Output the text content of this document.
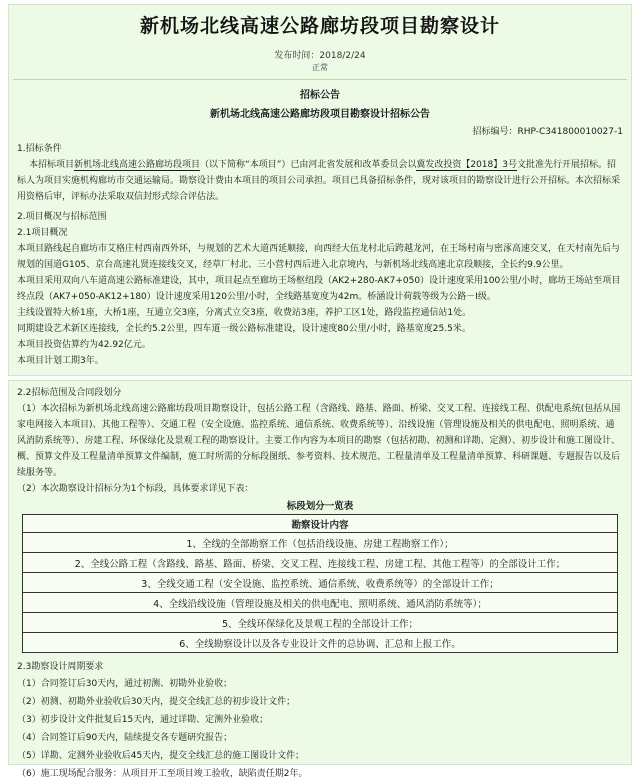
新机场北线高速公路廊坊段项目勘察设计
发布时间：2018/2/24
正常
招标公告
新机场北线高速公路廊坊段项目勘察设计招标公告
招标编号：RHP-C341800010027-1
1.招标条件
本招标项目新机场北线高速公路廊坊段项目（以下简称“本项目”）已由河北省发展和改革委员会以冀发改投资【2018】3号文批准先行开展招标。招标人为项目实施机构廊坊市交通运输局。勘察设计费由本项目的项目公司承担。项目已具备招标条件，现对该项目的勘察设计进行公开招标。本次招标采用资格后审，评标办法采取双信封形式综合评估法。
2.项目概况与招标范围
2.1项目概况
本项目路线起自廊坊市艾格庄村西南西外环，与规划的艺术大道西延顺接，向西经大伍龙村北后跨越龙河，在王场村南与密涿高速交叉，在天村南先后与规划的国道G105、京台高速礼贤连接线交叉，经草厂村北、三小营村西后进入北京境内，与新机场北线高速北京段顺接，全长约9.9公里。
本项目采用双向八车道高速公路标准建设，其中，项目起点至廊坊王场枢纽段（AK2+280-AK7+050）设计速度采用100公里/小时，廊坊王场站至项目终点段（AK7+050-AK12+180）设计速度采用120公里/小时，全线路基宽度为42m。桥涵设计荷载等级为公路－Ⅰ级。
主线设置特大桥1座，大桥1座，互通立交3座，分离式立交3座，收费站3座，养护工区1处，路段监控通信站1处。
同期建设艺术新区连接线，全长约5.2公里，四车道一级公路标准建设，设计速度80公里/小时，路基宽度25.5米。
本项目投资估算约为42.92亿元。
本项目计划工期3年。
2.2招标范围及合同段划分
（1）本次招标为新机场北线高速公路廊坊段项目勘察设计，包括公路工程（含路线、路基、路面、桥梁、交叉工程、连接线工程、供配电系统(包括从国家电网接入本项目)、其他工程等）、交通工程（安全设施、监控系统、通信系统、收费系统等）、沿线设施（管理设施及相关的供电配电、照明系统、通风消防系统等）、房建工程、环保绿化及景观工程的勘察设计。主要工作内容为本项目的勘察（包括初勘、初测和详勘、定测）、初步设计和施工图设计、概、预算文件及工程量清单预算文件编制，施工时所需的分标段图纸、参考资料、技术规范、工程量清单及工程量清单预算、科研课题、专题报告以及后续服务等。
（2）本次勘察设计招标分为1个标段，具体要求详见下表：
标段划分一览表
勘察设计内容
1、全线的全部勘察工作（包括沿线设施、房建工程勘察工作）；
2、全线公路工程（含路线、路基、路面、桥梁、交叉工程、连接线工程、房建工程、其他工程等）的全部设计工作；
3、全线交通工程（安全设施、监控系统、通信系统、收费系统等）的全部设计工作；
4、全线沿线设施（管理设施及相关的供电配电、照明系统、通风消防系统等）；
5、全线环保绿化及景观工程的全部设计工作；
6、全线勘察设计以及各专业设计文件的总协调、汇总和上报工作。
2.3勘察设计周期要求
（1）合同签订后30天内，通过初测、初勘外业验收；
（2）初测、初勘外业验收后30天内，提交全线汇总的初步设计文件；
（3）初步设计文件批复后15天内，通过详勘、定测外业验收；
（4）合同签订后90天内，陆续提交各专题研究报告；
（5）详勘、定测外业验收后45天内，提交全线汇总的施工图设计文件；
（6）施工现场配合服务：从项目开工至项目竣工验收，缺陷责任期2年。
